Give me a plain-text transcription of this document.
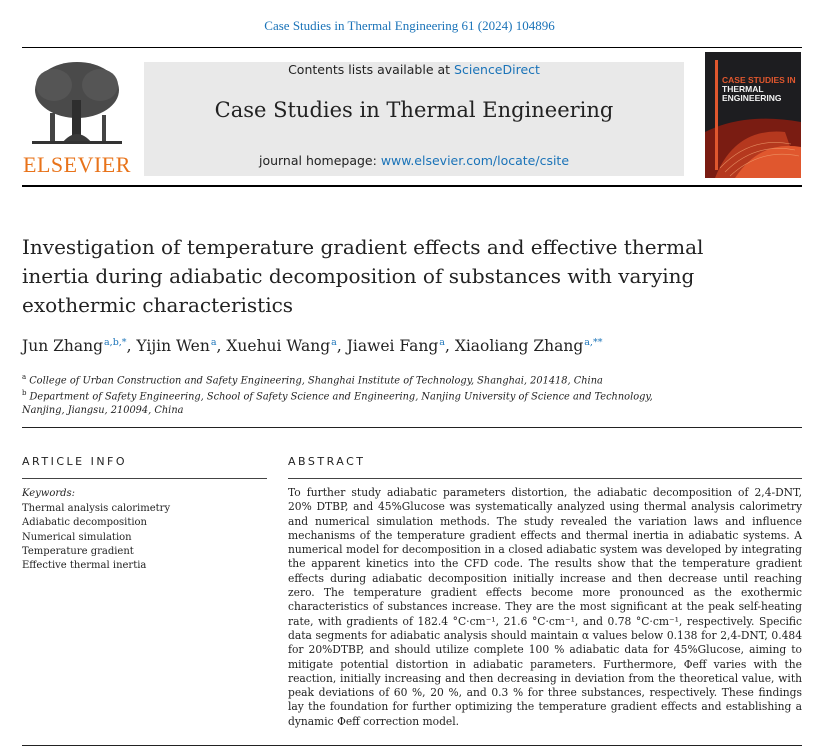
Case Studies in Thermal Engineering 61 (2024) 104896
ELSEVIER
Contents lists available at ScienceDirect
Case Studies in Thermal Engineering
journal homepage: www.elsevier.com/locate/csite
CASE STUDIES IN
THERMAL
ENGINEERING
Investigation of temperature gradient effects and effective thermal
inertia during adiabatic decomposition of substances with varying
exothermic characteristics
Jun Zhang$^{a,b,*}$, Yijin Wen$^a$, Xuehui Wang$^a$, Jiawei Fang$^a$, Xiaoliang Zhang$^{a,**}$
$^a$ College of Urban Construction and Safety Engineering, Shanghai Institute of Technology, Shanghai, 201418, China
$^b$ Department of Safety Engineering, School of Safety Science and Engineering, Nanjing University of Science and Technology, Nanjing, Jiangsu, 210094, China
ARTICLE INFO	ABSTRACT
Keywords:
Thermal analysis calorimetry
Adiabatic decomposition
Numerical simulation
Temperature gradient
Effective thermal inertia
To further study adiabatic parameters distortion, the adiabatic decomposition of 2,4-DNT, 20% DTBP, and 45%Glucose was systematically analyzed using thermal analysis calorimetry and numerical simulation methods. The study revealed the variation laws and influence mechanisms of the temperature gradient effects and thermal inertia in adiabatic systems. A numerical model for decomposition in a closed adiabatic system was developed by integrating the apparent kinetics into the CFD code. The results show that the temperature gradient effects during adiabatic decomposition initially increase and then decrease until reaching zero. The temperature gradient effects become more pronounced as the exothermic characteristics of substances increase. They are the most significant at the peak self-heating rate, with gradients of 182.4 °C·cm⁻¹, 21.6 °C·cm⁻¹, and 0.78 °C·cm⁻¹, respectively. Specific data segments for adiabatic analysis should maintain α values below 0.138 for 2,4-DNT, 0.484 for 20%DTBP, and should utilize complete 100 % adiabatic data for 45%Glucose, aiming to mitigate potential distortion in adiabatic parameters. Furthermore, Φeff varies with the reaction, initially increasing and then decreasing in deviation from the theoretical value, with peak deviations of 60 %, 20 %, and 0.3 % for three substances, respectively. These findings lay the foundation for further optimizing the temperature gradient effects and establishing a dynamic Φeff correction model.
